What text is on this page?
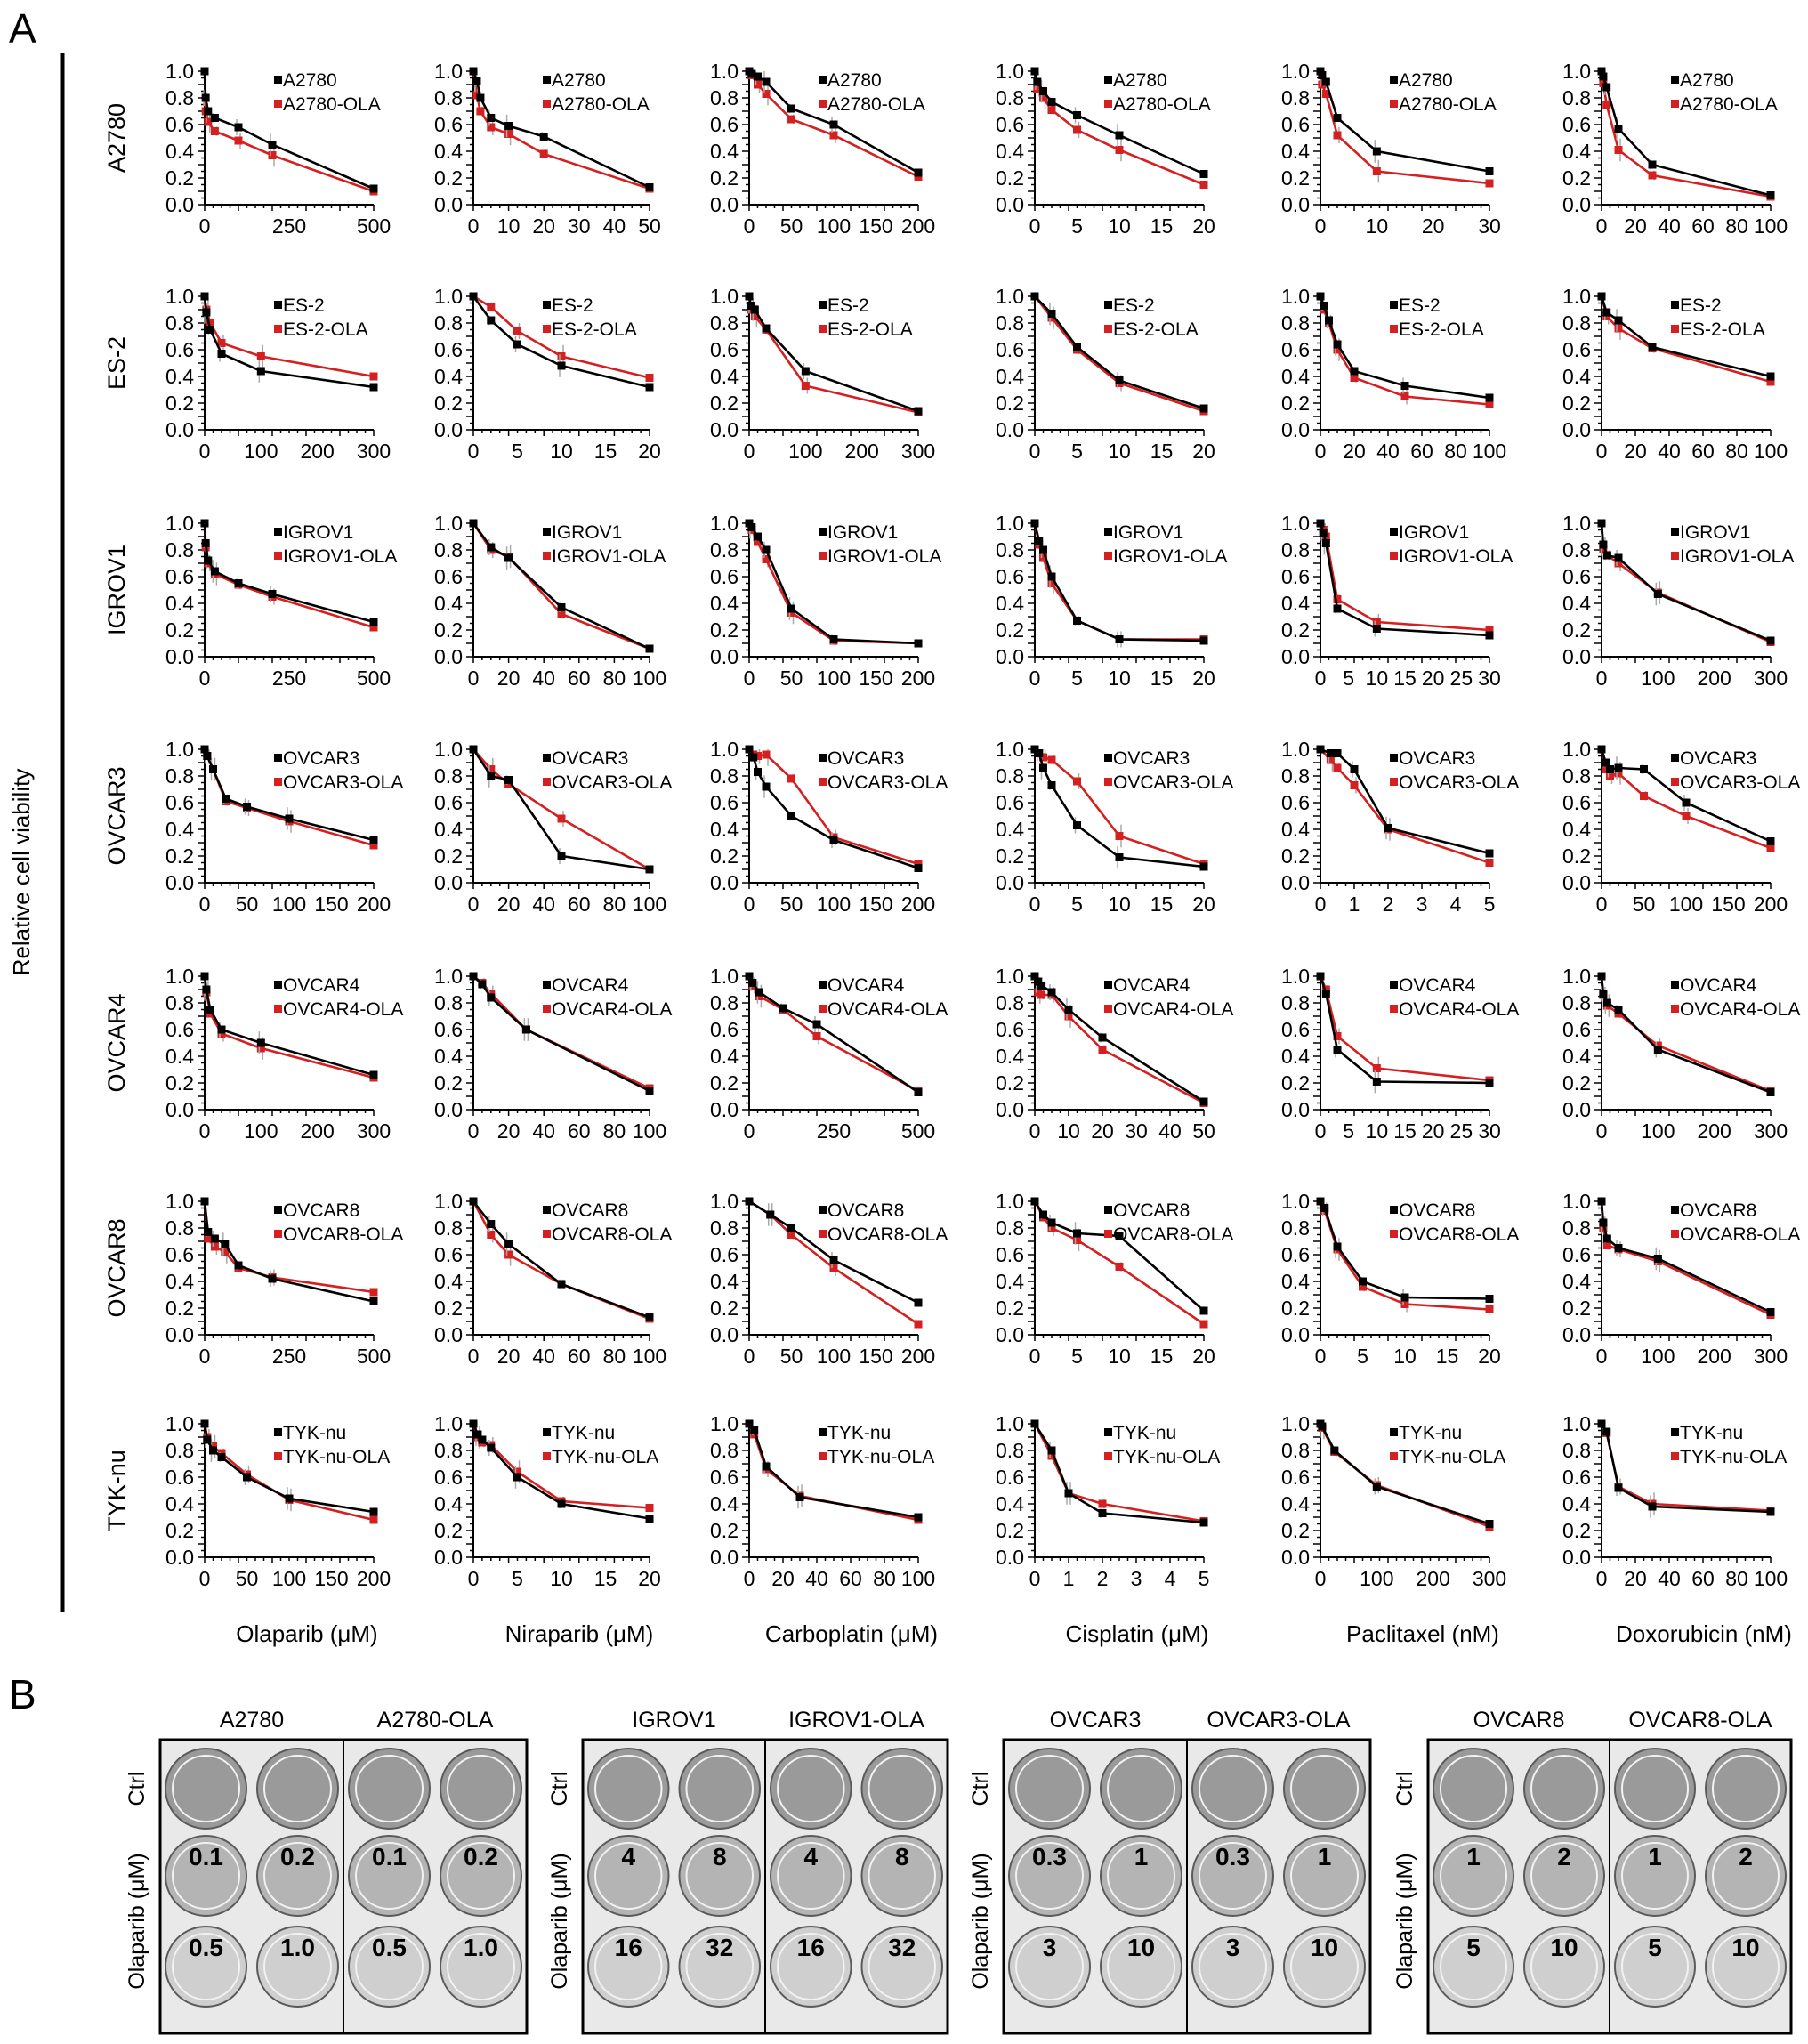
A
Relative cell viability
A2780
1.0
0.8
0.6
0.4
0.2
0.0
0	250 500
A2780
A2780-OLA
1.0
0.8
0.6
0.4
0.2
0.0
0 10 20 30 40 50
A2780
A2780-OLA
1.0
0.8
0.6
0.4
0.2
0.0
0 50 100 150 200
A2780
A2780-OLA
1.0
0.8
0.6
0.4
0.2
0.0
0 5 10 15 20
A2780
A2780-OLA
1.0
0.8
0.6
0.4
0.2
0.0
0 10 20 30
A2780
A2780-OLA
1.0
0.8
0.6
0.4
0.2
0.0
0 20 40 60 80 100
A2780
A2780-OLA
ES-2
1.0
0.8
0.6
0.4
0.2
0.0
0 100 200 300
ES-2
ES-2-OLA
1.0
0.8
0.6
0.4
0.2
0.0
0 5 10 15 20
ES-2
ES-2-OLA
1.0
0.8
0.6
0.4
0.2
0.0
0 100 200 300
ES-2
ES-2-OLA
1.0
0.8
0.6
0.4
0.2
0.0
0 5 10 15 20
ES-2
ES-2-OLA
1.0
0.8
0.6
0.4
0.2
0.0
0 20 40 60 80 100
ES-2
ES-2-OLA
1.0
0.8
0.6
0.4
0.2
0.0
0 20 40 60 80 100
ES-2
ES-2-OLA
IGROV1
1.0
0.8
0.6
0.4
0.2
0.0
0	250 500
IGROV1
IGROV1-OLA
1.0
0.8
0.6
0.4
0.2
0.0
0 20 40 60 80 100
IGROV1
IGROV1-OLA
1.0
0.8
0.6
0.4
0.2
0.0
0 50 100 150 200
IGROV1
IGROV1-OLA
1.0
0.8
0.6
0.4
0.2
0.0
0 5 10 15 20
IGROV1
IGROV1-OLA
1.0
0.8
0.6
0.4
0.2
0.0
0 5 10 15 20 25 30
IGROV1
IGROV1-OLA
1.0
0.8
0.6
0.4
0.2
0.0
0 100 200 300
IGROV1
IGROV1-OLA
OVCAR3
1.0
0.8
0.6
0.4
0.2
0.0
0 50 100 150 200
OVCAR3
OVCAR3-OLA
1.0
0.8
0.6
0.4
0.2
0.0
0 20 40 60 80 100
OVCAR3
OVCAR3-OLA
1.0
0.8
0.6
0.4
0.2
0.0
0 50 100 150 200
OVCAR3
OVCAR3-OLA
1.0
0.8
0.6
0.4
0.2
0.0
0 5 10 15 20
OVCAR3
OVCAR3-OLA
1.0
0.8
0.6
0.4
0.2
0.0
0 1 2 3 4 5
OVCAR3
OVCAR3-OLA
1.0
0.8
0.6
0.4
0.2
0.0
0 50 100 150 200
OVCAR3
OVCAR3-OLA
OVCAR4
1.0
0.8
0.6
0.4
0.2
0.0
0 100 200 300
OVCAR4
OVCAR4-OLA
1.0
0.8
0.6
0.4
0.2
0.0
0 20 40 60 80 100
OVCAR4
OVCAR4-OLA
1.0
0.8
0.6
0.4
0.2
0.0
0	250 500
OVCAR4
OVCAR4-OLA
1.0
0.8
0.6
0.4
0.2
0.0
0 10 20 30 40 50
OVCAR4
OVCAR4-OLA
1.0
0.8
0.6
0.4
0.2
0.0
0 5 10 15 20 25 30
OVCAR4
OVCAR4-OLA
1.0
0.8
0.6
0.4
0.2
0.0
0 100 200 300
OVCAR4
OVCAR4-OLA
OVCAR8
1.0
0.8
0.6
0.4
0.2
0.0
0	250 500
OVCAR8
OVCAR8-OLA
1.0
0.8
0.6
0.4
0.2
0.0
0 20 40 60 80 100
OVCAR8
OVCAR8-OLA
1.0
0.8
0.6
0.4
0.2
0.0
0 50 100 150 200
OVCAR8
OVCAR8-OLA
1.0
0.8
0.6
0.4
0.2
0.0
0 5 10 15 20
OVCAR8
OVCAR8-OLA
1.0
0.8
0.6
0.4
0.2
0.0
0 5 10 15 20
OVCAR8
OVCAR8-OLA
1.0
0.8
0.6
0.4
0.2
0.0
0 100 200 300
OVCAR8
OVCAR8-OLA
TYK-nu
1.0
0.8
0.6
0.4
0.2
0.0
0 50 100 150 200
TYK-nu
TYK-nu-OLA
1.0
0.8
0.6
0.4
0.2
0.0
0 5 10 15 20
TYK-nu
TYK-nu-OLA
1.0
0.8
0.6
0.4
0.2
0.0
0 20 40 60 80 100
TYK-nu
TYK-nu-OLA
1.0
0.8
0.6
0.4
0.2
0.0
0 1 2 3 4 5
TYK-nu
TYK-nu-OLA
1.0
0.8
0.6
0.4
0.2
0.0
0 100 200 300
TYK-nu
TYK-nu-OLA
1.0
0.8
0.6
0.4
0.2
0.0
0 20 40 60 80 100
TYK-nu
TYK-nu-OLA
Olaparib (μM)	Niraparib (μM)	Carboplatin (μM)	Cisplatin (μM)	Paclitaxel (nM)	Doxorubicin (nM)
B
A2780	A2780-OLA
Ctrl
Olaparib (μM) 0.1 0.2 0.1 0.2
0.5 1.0 0.5 1.0
IGROV1	IGROV1-OLA
Ctrl
Olaparib (μM) 4	8	4	8
16	32	16	32
OVCAR3	OVCAR3-OLA
Ctrl
Olaparib (μM) 0.3	1	0.3	1
3	10	3	10
OVCAR8	OVCAR8-OLA
Ctrl
Olaparib (μM) 1	2	1	2
5	10	5	10
